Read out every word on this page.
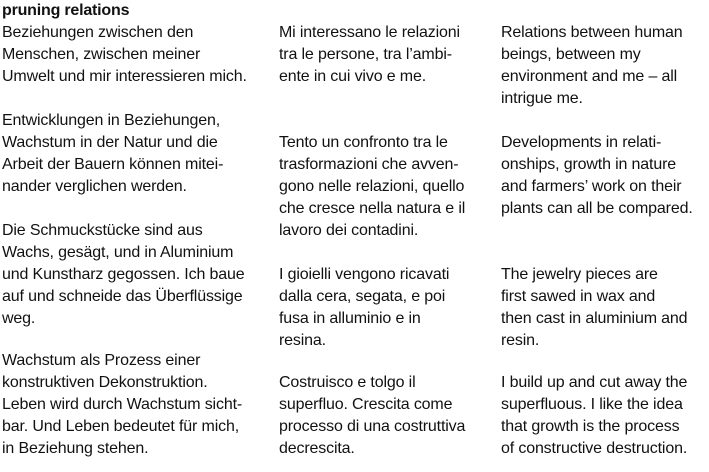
pruning relations

Beziehungen zwischen den
Menschen, zwischen meiner
Umwelt und mir interessieren mich.

Entwicklungen in Beziehungen,
Wachstum in der Natur und die
Arbeit der Bauern können mitei-
nander verglichen werden.

Die Schmuckstücke sind aus
Wachs, gesägt, und in Aluminium
und Kunstharz gegossen. Ich baue
auf und schneide das Überflüssige
weg.

Wachstum als Prozess einer
konstruktiven Dekonstruktion.
Leben wird durch Wachstum sicht-
bar. Und Leben bedeutet für mich,
in Beziehung stehen.

Mi interessano le relazioni
tra le persone, tra l’ambi-
ente in cui vivo e me.

Tento un confronto tra le
trasformazioni che avven-
gono nelle relazioni, quello
che cresce nella natura e il
lavoro dei contadini.

I gioielli vengono ricavati
dalla cera, segata, e poi
fusa in alluminio e in
resina.

Costruisco e tolgo il
superfluo. Crescita come
processo di una costruttiva
decrescita.

Relations between human
beings, between my
environment and me – all
intrigue me.

Developments in relati-
onships, growth in nature
and farmers’ work on their
plants can all be compared.

The jewelry pieces are
first sawed in wax and
then cast in aluminium and
resin.

I build up and cut away the
superfluous. I like the idea
that growth is the process
of constructive destruction.
